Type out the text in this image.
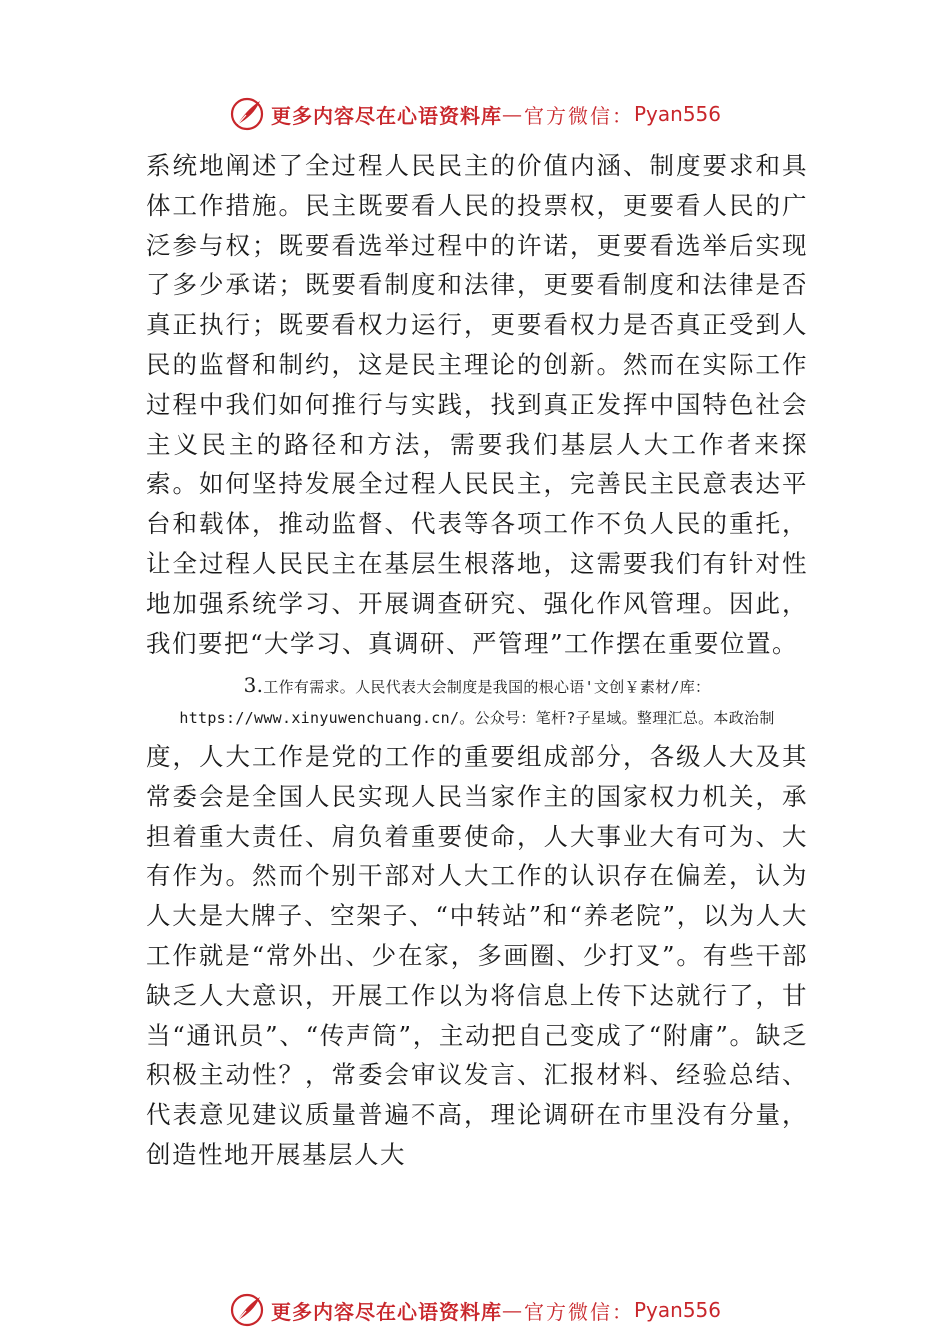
更多内容尽在心语资料库 — 官方微信： Pyan556

系统地阐述了全过程人民民主的价值内涵、制度要求和具体工作措施。民主既要看人民的投票权，更要看人民的广泛参与权；既要看选举过程中的许诺，更要看选举后实现了多少承诺；既要看制度和法律，更要看制度和法律是否真正执行；既要看权力运行，更要看权力是否真正受到人民的监督和制约，这是民主理论的创新。然而在实际工作过程中我们如何推行与实践，找到真正发挥中国特色社会主义民主的路径和方法，需要我们基层人大工作者来探索。如何坚持发展全过程人民民主，完善民主民意表达平台和载体，推动监督、代表等各项工作不负人民的重托，让全过程人民民主在基层生根落地，这需要我们有针对性地加强系统学习、开展调查研究、强化作风管理。因此，我们要把“大学习、真调研、严管理”工作摆在重要位置。

3.工作有需求。人民代表大会制度是我国的根心语'文创￥素材/库：https://www.xinyuwenchuang.cn/。公众号：笔杆?子星域。整理汇总。本政治制

度，人大工作是党的工作的重要组成部分，各级人大及其常委会是全国人民实现人民当家作主的国家权力机关，承担着重大责任、肩负着重要使命，人大事业大有可为、大有作为。然而个别干部对人大工作的认识存在偏差，认为人大是大牌子、空架子、“中转站”和“养老院”，以为人大工作就是“常外出、少在家，多画圈、少打叉”。有些干部缺乏人大意识，开展工作以为将信息上传下达就行了，甘当“通讯员”、“传声筒”，主动把自己变成了“附庸”。缺乏积极主动性？，常委会审议发言、汇报材料、经验总结、代表意见建议质量普遍不高，理论调研在市里没有分量，创造性地开展基层人大

更多内容尽在心语资料库 — 官方微信： Pyan556
